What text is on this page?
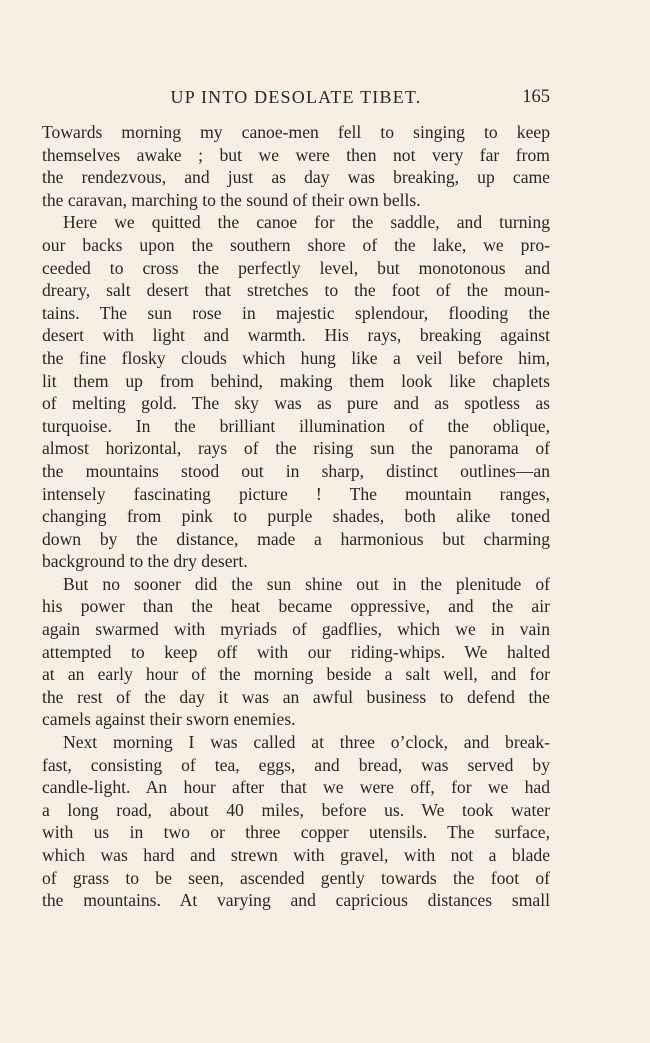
UP INTO DESOLATE TIBET.	165
Towards morning my canoe-men fell to singing to keep
themselves awake ; but we were then not very far from
the rendezvous, and just as day was breaking, up came
the caravan, marching to the sound of their own bells.
Here we quitted the canoe for the saddle, and turning
our backs upon the southern shore of the lake, we pro-
ceeded to cross the perfectly level, but monotonous and
dreary, salt desert that stretches to the foot of the moun-
tains. The sun rose in majestic splendour, flooding the
desert with light and warmth. His rays, breaking against
the fine flosky clouds which hung like a veil before him,
lit them up from behind, making them look like chaplets
of melting gold. The sky was as pure and as spotless as
turquoise. In the brilliant illumination of the oblique,
almost horizontal, rays of the rising sun the panorama of
the mountains stood out in sharp, distinct outlines—an
intensely fascinating picture ! The mountain ranges,
changing from pink to purple shades, both alike toned
down by the distance, made a harmonious but charming
background to the dry desert.
But no sooner did the sun shine out in the plenitude of
his power than the heat became oppressive, and the air
again swarmed with myriads of gadflies, which we in vain
attempted to keep off with our riding-whips. We halted
at an early hour of the morning beside a salt well, and for
the rest of the day it was an awful business to defend the
camels against their sworn enemies.
Next morning I was called at three o’clock, and break-
fast, consisting of tea, eggs, and bread, was served by
candle-light. An hour after that we were off, for we had
a long road, about 40 miles, before us. We took water
with us in two or three copper utensils. The surface,
which was hard and strewn with gravel, with not a blade
of grass to be seen, ascended gently towards the foot of
the mountains. At varying and capricious distances small
